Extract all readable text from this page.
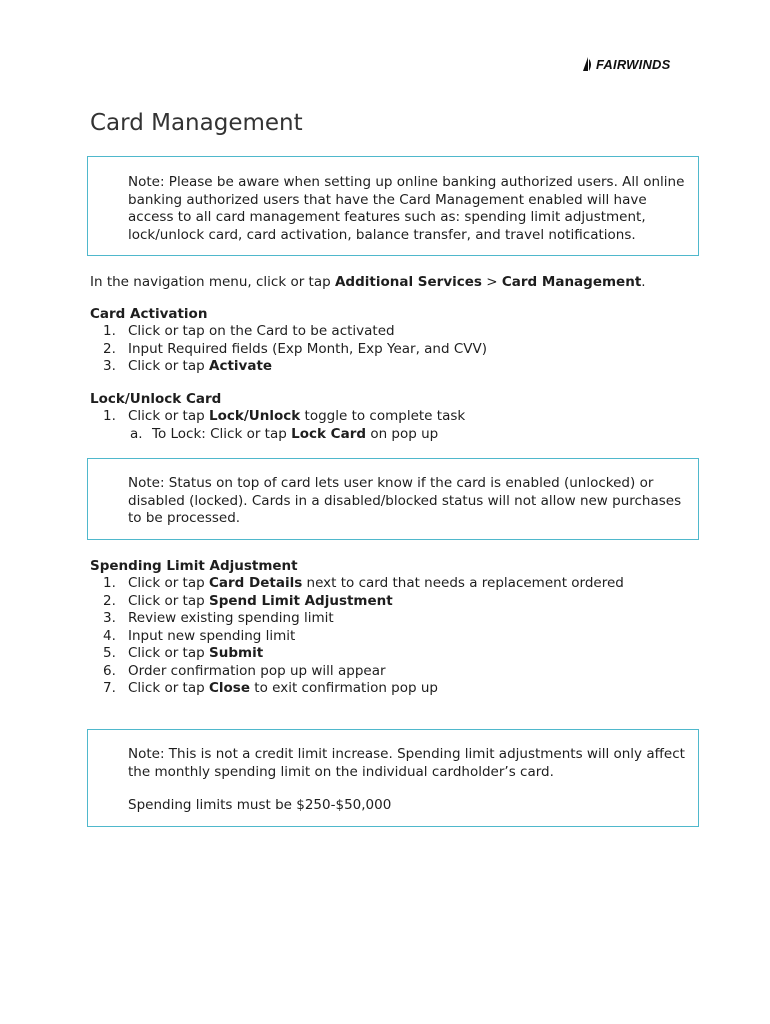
FAIRWINDS
Card Management

Note: Please be aware when setting up online banking authorized users. All online banking authorized users that have the Card Management enabled will have access to all card management features such as: spending limit adjustment, lock/unlock card, card activation, balance transfer, and travel notifications.

In the navigation menu, click or tap Additional Services > Card Management.

Card Activation

1. Click or tap on the Card to be activated
2. Input Required fields (Exp Month, Exp Year, and CVV)
3. Click or tap Activate

Lock/Unlock Card

1. Click or tap Lock/Unlock toggle to complete task
a. To Lock: Click or tap Lock Card on pop up

Note: Status on top of card lets user know if the card is enabled (unlocked) or disabled (locked). Cards in a disabled/blocked status will not allow new purchases to be processed.

Spending Limit Adjustment

1. Click or tap Card Details next to card that needs a replacement ordered
2. Click or tap Spend Limit Adjustment
3. Review existing spending limit
4. Input new spending limit
5. Click or tap Submit
6. Order confirmation pop up will appear
7. Click or tap Close to exit confirmation pop up

Note: This is not a credit limit increase. Spending limit adjustments will only affect the monthly spending limit on the individual cardholder’s card.

Spending limits must be $250-$50,000
